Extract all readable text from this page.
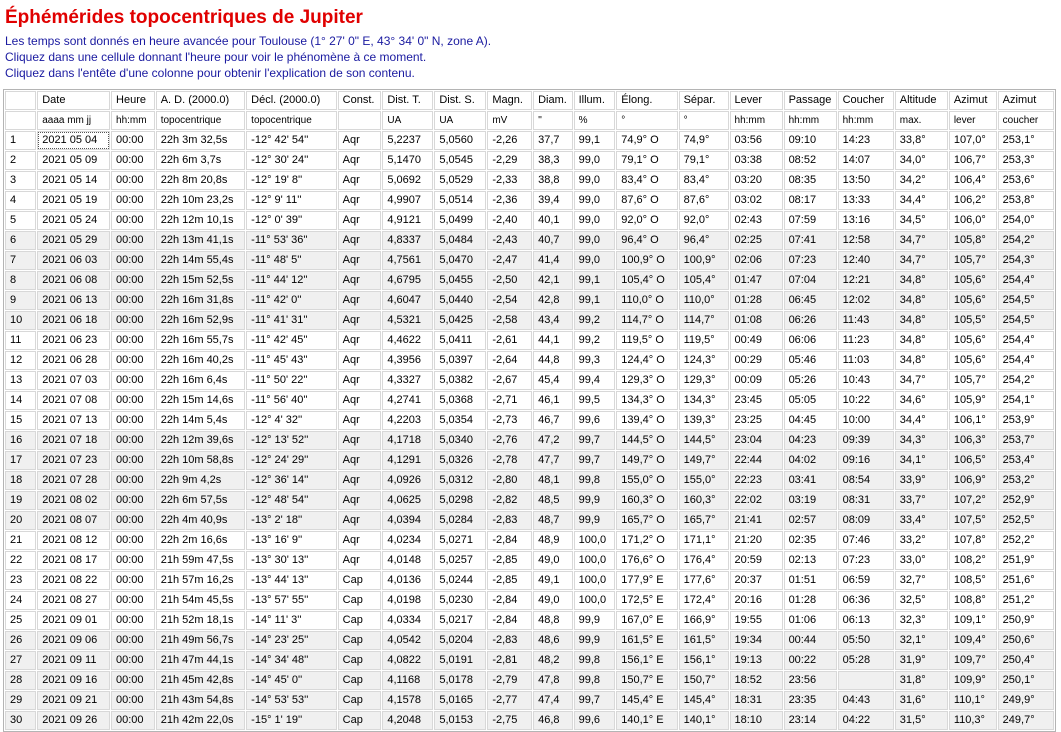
Éphémérides topocentriques de Jupiter
Les temps sont donnés en heure avancée pour Toulouse (1° 27' 0" E, 43° 34' 0" N, zone A).
Cliquez dans une cellule donnant l'heure pour voir le phénomène à ce moment.
Cliquez dans l'entête d'une colonne pour obtenir l'explication de son contenu.
	Date	Heure	A. D. (2000.0)	Décl. (2000.0)	Const.	Dist. T.	Dist. S.	Magn.	Diam.	Illum.	Élong.	Sépar.	Lever	Passage	Coucher	Altitude	Azimut	Azimut
	aaaa mm jj	hh:mm	topocentrique	topocentrique		UA	UA	mV	''	%	°	°	hh:mm	hh:mm	hh:mm	max.	lever	coucher
1	2021 05 04	00:00	22h 3m 32,5s	-12° 42' 54''	Aqr	5,2237	5,0560	-2,26	37,7	99,1	74,9° O	74,9°	03:56	09:10	14:23	33,8°	107,0°	253,1°
2	2021 05 09	00:00	22h 6m 3,7s	-12° 30' 24''	Aqr	5,1470	5,0545	-2,29	38,3	99,0	79,1° O	79,1°	03:38	08:52	14:07	34,0°	106,7°	253,3°
3	2021 05 14	00:00	22h 8m 20,8s	-12° 19' 8''	Aqr	5,0692	5,0529	-2,33	38,8	99,0	83,4° O	83,4°	03:20	08:35	13:50	34,2°	106,4°	253,6°
4	2021 05 19	00:00	22h 10m 23,2s	-12° 9' 11''	Aqr	4,9907	5,0514	-2,36	39,4	99,0	87,6° O	87,6°	03:02	08:17	13:33	34,4°	106,2°	253,8°
5	2021 05 24	00:00	22h 12m 10,1s	-12° 0' 39''	Aqr	4,9121	5,0499	-2,40	40,1	99,0	92,0° O	92,0°	02:43	07:59	13:16	34,5°	106,0°	254,0°
6	2021 05 29	00:00	22h 13m 41,1s	-11° 53' 36''	Aqr	4,8337	5,0484	-2,43	40,7	99,0	96,4° O	96,4°	02:25	07:41	12:58	34,7°	105,8°	254,2°
7	2021 06 03	00:00	22h 14m 55,4s	-11° 48' 5''	Aqr	4,7561	5,0470	-2,47	41,4	99,0	100,9° O	100,9°	02:06	07:23	12:40	34,7°	105,7°	254,3°
8	2021 06 08	00:00	22h 15m 52,5s	-11° 44' 12''	Aqr	4,6795	5,0455	-2,50	42,1	99,1	105,4° O	105,4°	01:47	07:04	12:21	34,8°	105,6°	254,4°
9	2021 06 13	00:00	22h 16m 31,8s	-11° 42' 0''	Aqr	4,6047	5,0440	-2,54	42,8	99,1	110,0° O	110,0°	01:28	06:45	12:02	34,8°	105,6°	254,5°
10	2021 06 18	00:00	22h 16m 52,9s	-11° 41' 31''	Aqr	4,5321	5,0425	-2,58	43,4	99,2	114,7° O	114,7°	01:08	06:26	11:43	34,8°	105,5°	254,5°
11	2021 06 23	00:00	22h 16m 55,7s	-11° 42' 45''	Aqr	4,4622	5,0411	-2,61	44,1	99,2	119,5° O	119,5°	00:49	06:06	11:23	34,8°	105,6°	254,4°
12	2021 06 28	00:00	22h 16m 40,2s	-11° 45' 43''	Aqr	4,3956	5,0397	-2,64	44,8	99,3	124,4° O	124,3°	00:29	05:46	11:03	34,8°	105,6°	254,4°
13	2021 07 03	00:00	22h 16m 6,4s	-11° 50' 22''	Aqr	4,3327	5,0382	-2,67	45,4	99,4	129,3° O	129,3°	00:09	05:26	10:43	34,7°	105,7°	254,2°
14	2021 07 08	00:00	22h 15m 14,6s	-11° 56' 40''	Aqr	4,2741	5,0368	-2,71	46,1	99,5	134,3° O	134,3°	23:45	05:05	10:22	34,6°	105,9°	254,1°
15	2021 07 13	00:00	22h 14m 5,4s	-12° 4' 32''	Aqr	4,2203	5,0354	-2,73	46,7	99,6	139,4° O	139,3°	23:25	04:45	10:00	34,4°	106,1°	253,9°
16	2021 07 18	00:00	22h 12m 39,6s	-12° 13' 52''	Aqr	4,1718	5,0340	-2,76	47,2	99,7	144,5° O	144,5°	23:04	04:23	09:39	34,3°	106,3°	253,7°
17	2021 07 23	00:00	22h 10m 58,8s	-12° 24' 29''	Aqr	4,1291	5,0326	-2,78	47,7	99,7	149,7° O	149,7°	22:44	04:02	09:16	34,1°	106,5°	253,4°
18	2021 07 28	00:00	22h 9m 4,2s	-12° 36' 14''	Aqr	4,0926	5,0312	-2,80	48,1	99,8	155,0° O	155,0°	22:23	03:41	08:54	33,9°	106,9°	253,2°
19	2021 08 02	00:00	22h 6m 57,5s	-12° 48' 54''	Aqr	4,0625	5,0298	-2,82	48,5	99,9	160,3° O	160,3°	22:02	03:19	08:31	33,7°	107,2°	252,9°
20	2021 08 07	00:00	22h 4m 40,9s	-13° 2' 18''	Aqr	4,0394	5,0284	-2,83	48,7	99,9	165,7° O	165,7°	21:41	02:57	08:09	33,4°	107,5°	252,5°
21	2021 08 12	00:00	22h 2m 16,6s	-13° 16' 9''	Aqr	4,0234	5,0271	-2,84	48,9	100,0	171,2° O	171,1°	21:20	02:35	07:46	33,2°	107,8°	252,2°
22	2021 08 17	00:00	21h 59m 47,5s	-13° 30' 13''	Aqr	4,0148	5,0257	-2,85	49,0	100,0	176,6° O	176,4°	20:59	02:13	07:23	33,0°	108,2°	251,9°
23	2021 08 22	00:00	21h 57m 16,2s	-13° 44' 13''	Cap	4,0136	5,0244	-2,85	49,1	100,0	177,9° E	177,6°	20:37	01:51	06:59	32,7°	108,5°	251,6°
24	2021 08 27	00:00	21h 54m 45,5s	-13° 57' 55''	Cap	4,0198	5,0230	-2,84	49,0	100,0	172,5° E	172,4°	20:16	01:28	06:36	32,5°	108,8°	251,2°
25	2021 09 01	00:00	21h 52m 18,1s	-14° 11' 3''	Cap	4,0334	5,0217	-2,84	48,8	99,9	167,0° E	166,9°	19:55	01:06	06:13	32,3°	109,1°	250,9°
26	2021 09 06	00:00	21h 49m 56,7s	-14° 23' 25''	Cap	4,0542	5,0204	-2,83	48,6	99,9	161,5° E	161,5°	19:34	00:44	05:50	32,1°	109,4°	250,6°
27	2021 09 11	00:00	21h 47m 44,1s	-14° 34' 48''	Cap	4,0822	5,0191	-2,81	48,2	99,8	156,1° E	156,1°	19:13	00:22	05:28	31,9°	109,7°	250,4°
28	2021 09 16	00:00	21h 45m 42,8s	-14° 45' 0''	Cap	4,1168	5,0178	-2,79	47,8	99,8	150,7° E	150,7°	18:52	23:56		31,8°	109,9°	250,1°
29	2021 09 21	00:00	21h 43m 54,8s	-14° 53' 53''	Cap	4,1578	5,0165	-2,77	47,4	99,7	145,4° E	145,4°	18:31	23:35	04:43	31,6°	110,1°	249,9°
30	2021 09 26	00:00	21h 42m 22,0s	-15° 1' 19''	Cap	4,2048	5,0153	-2,75	46,8	99,6	140,1° E	140,1°	18:10	23:14	04:22	31,5°	110,3°	249,7°
